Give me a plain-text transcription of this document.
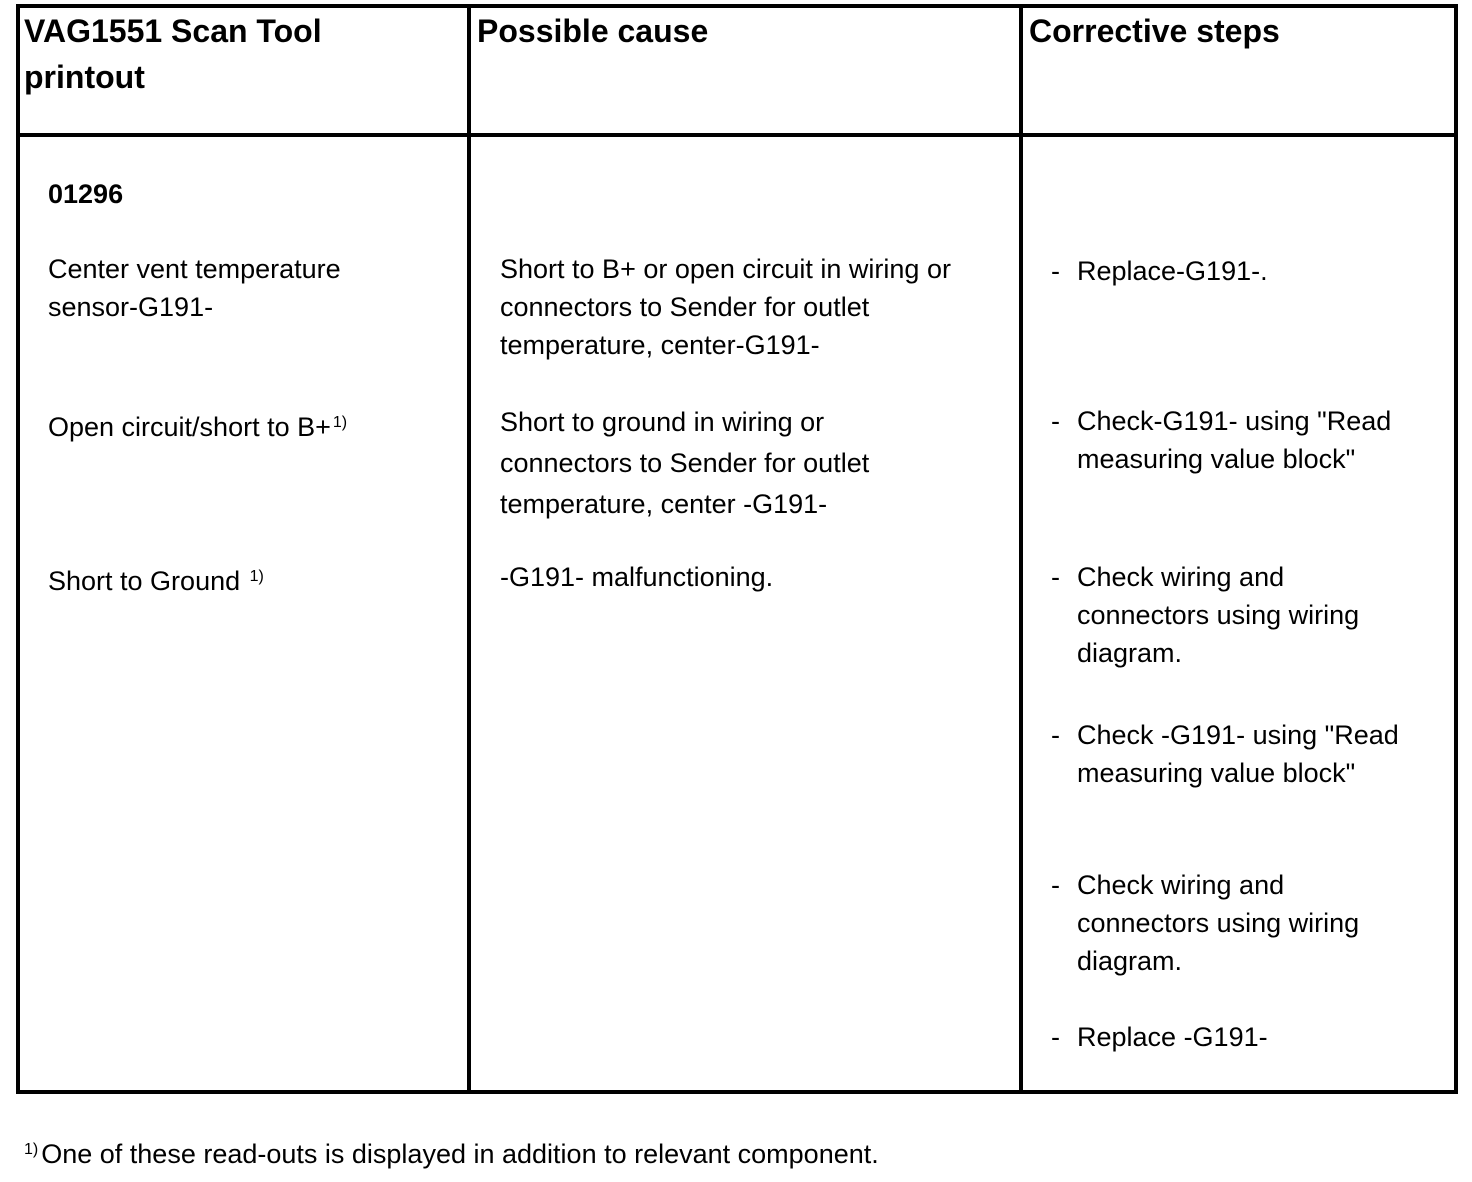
VAG1551 Scan Tool printout
Possible cause	Corrective steps
01296
Center vent temperature sensor-G191-
Open circuit/short to B+ $^{1)}$
Short to Ground $^{1)}$
Short to B+ or open circuit in wiring or connectors to Sender for outlet temperature, center-G191-
Short to ground in wiring or connectors to Sender for outlet temperature, center -G191-
-G191- malfunctioning.
- Replace-G191-.
- Check-G191- using "Read measuring value block"
- Check wiring and connectors using wiring diagram.
- Check -G191- using "Read measuring value block"
- Check wiring and connectors using wiring diagram.
- Replace -G191-
$^{1)}$ One of these read-outs is displayed in addition to relevant component.
